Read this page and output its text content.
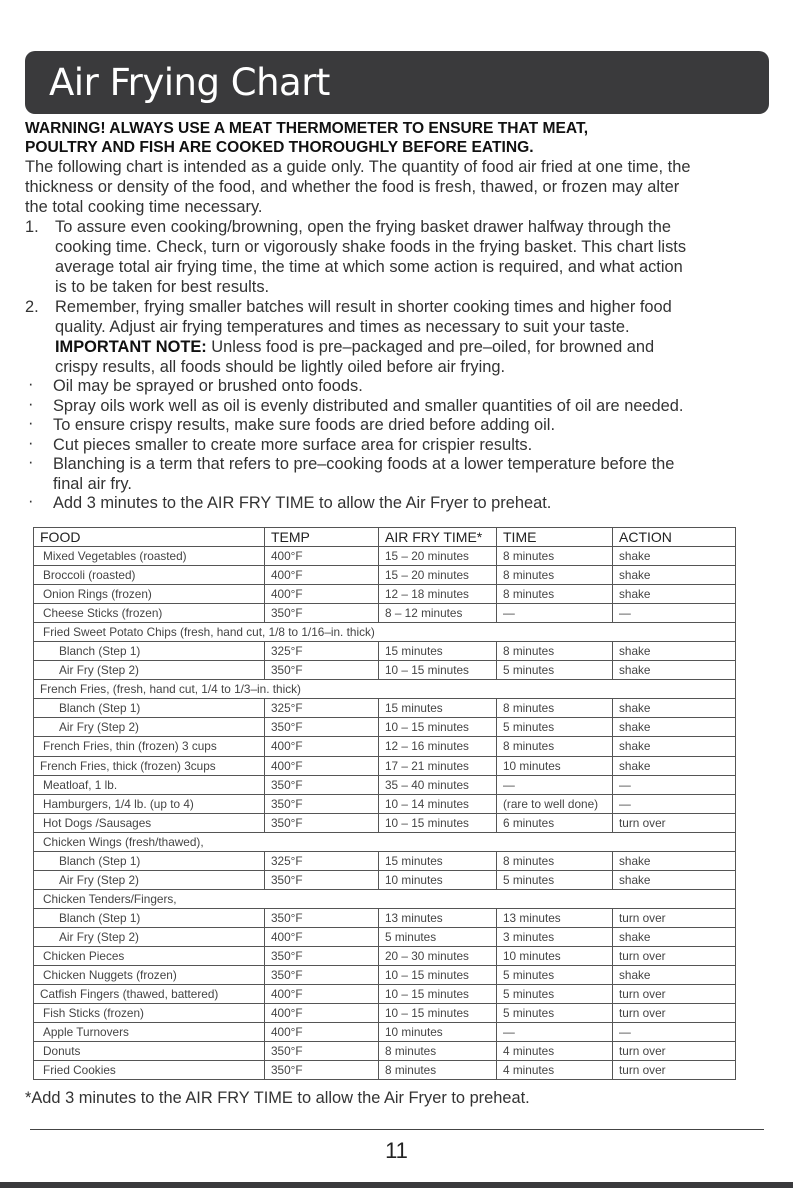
Air Frying Chart
WARNING! ALWAYS USE A MEAT THERMOMETER TO ENSURE THAT MEAT,
POULTRY AND FISH ARE COOKED THOROUGHLY BEFORE EATING.
The following chart is intended as a guide only. The quantity of food air fried at one time, the
thickness or density of the food, and whether the food is fresh, thawed, or frozen may alter
the total cooking time necessary.
1. To assure even cooking/browning, open the frying basket drawer halfway through the
cooking time. Check, turn or vigorously shake foods in the frying basket. This chart lists
average total air frying time, the time at which some action is required, and what action
is to be taken for best results.
2. Remember, frying smaller batches will result in shorter cooking times and higher food
quality. Adjust air frying temperatures and times as necessary to suit your taste.
IMPORTANT NOTE: Unless food is pre–packaged and pre–oiled, for browned and
crispy results, all foods should be lightly oiled before air frying.
· Oil may be sprayed or brushed onto foods.
· Spray oils work well as oil is evenly distributed and smaller quantities of oil are needed.
· To ensure crispy results, make sure foods are dried before adding oil.
· Cut pieces smaller to create more surface area for crispier results.
· Blanching is a term that refers to pre–cooking foods at a lower temperature before the
final air fry.
· Add 3 minutes to the AIR FRY TIME to allow the Air Fryer to preheat.
FOOD	TEMP	AIR FRY TIME*	TIME	ACTION
Mixed Vegetables (roasted)	400°F	15 – 20 minutes	8 minutes	shake
Broccoli (roasted)	400°F	15 – 20 minutes	8 minutes	shake
Onion Rings (frozen)	400°F	12 – 18 minutes	8 minutes	shake
Cheese Sticks (frozen)	350°F	8 – 12 minutes	—	—
Fried Sweet Potato Chips (fresh, hand cut, 1/8 to 1/16–in. thick)				
Blanch (Step 1)	325°F	15 minutes	8 minutes	shake
Air Fry (Step 2)	350°F	10 – 15 minutes	5 minutes	shake
French Fries, (fresh, hand cut, 1/4 to 1/3–in. thick)				
Blanch (Step 1)	325°F	15 minutes	8 minutes	shake
Air Fry (Step 2)	350°F	10 – 15 minutes	5 minutes	shake
French Fries, thin (frozen) 3 cups	400°F	12 – 16 minutes	8 minutes	shake
French Fries, thick (frozen) 3cups	400°F	17 – 21 minutes	10 minutes	shake
Meatloaf, 1 lb.	350°F	35 – 40 minutes	—	—
Hamburgers, 1/4 lb. (up to 4)	350°F	10 – 14 minutes	(rare to well done)	—
Hot Dogs /Sausages	350°F	10 – 15 minutes	6 minutes	turn over
Chicken Wings (fresh/thawed),				
Blanch (Step 1)	325°F	15 minutes	8 minutes	shake
Air Fry (Step 2)	350°F	10 minutes	5 minutes	shake
Chicken Tenders/Fingers,				
Blanch (Step 1)	350°F	13 minutes	13 minutes	turn over
Air Fry (Step 2)	400°F	5 minutes	3 minutes	shake
Chicken Pieces	350°F	20 – 30 minutes	10 minutes	turn over
Chicken Nuggets (frozen)	350°F	10 – 15 minutes	5 minutes	shake
Catfish Fingers (thawed, battered)	400°F	10 – 15 minutes	5 minutes	turn over
Fish Sticks (frozen)	400°F	10 – 15 minutes	5 minutes	turn over
Apple Turnovers	400°F	10 minutes	—	—
Donuts	350°F	8 minutes	4 minutes	turn over
Fried Cookies	350°F	8 minutes	4 minutes	turn over
*Add 3 minutes to the AIR FRY TIME to allow the Air Fryer to preheat.
11
